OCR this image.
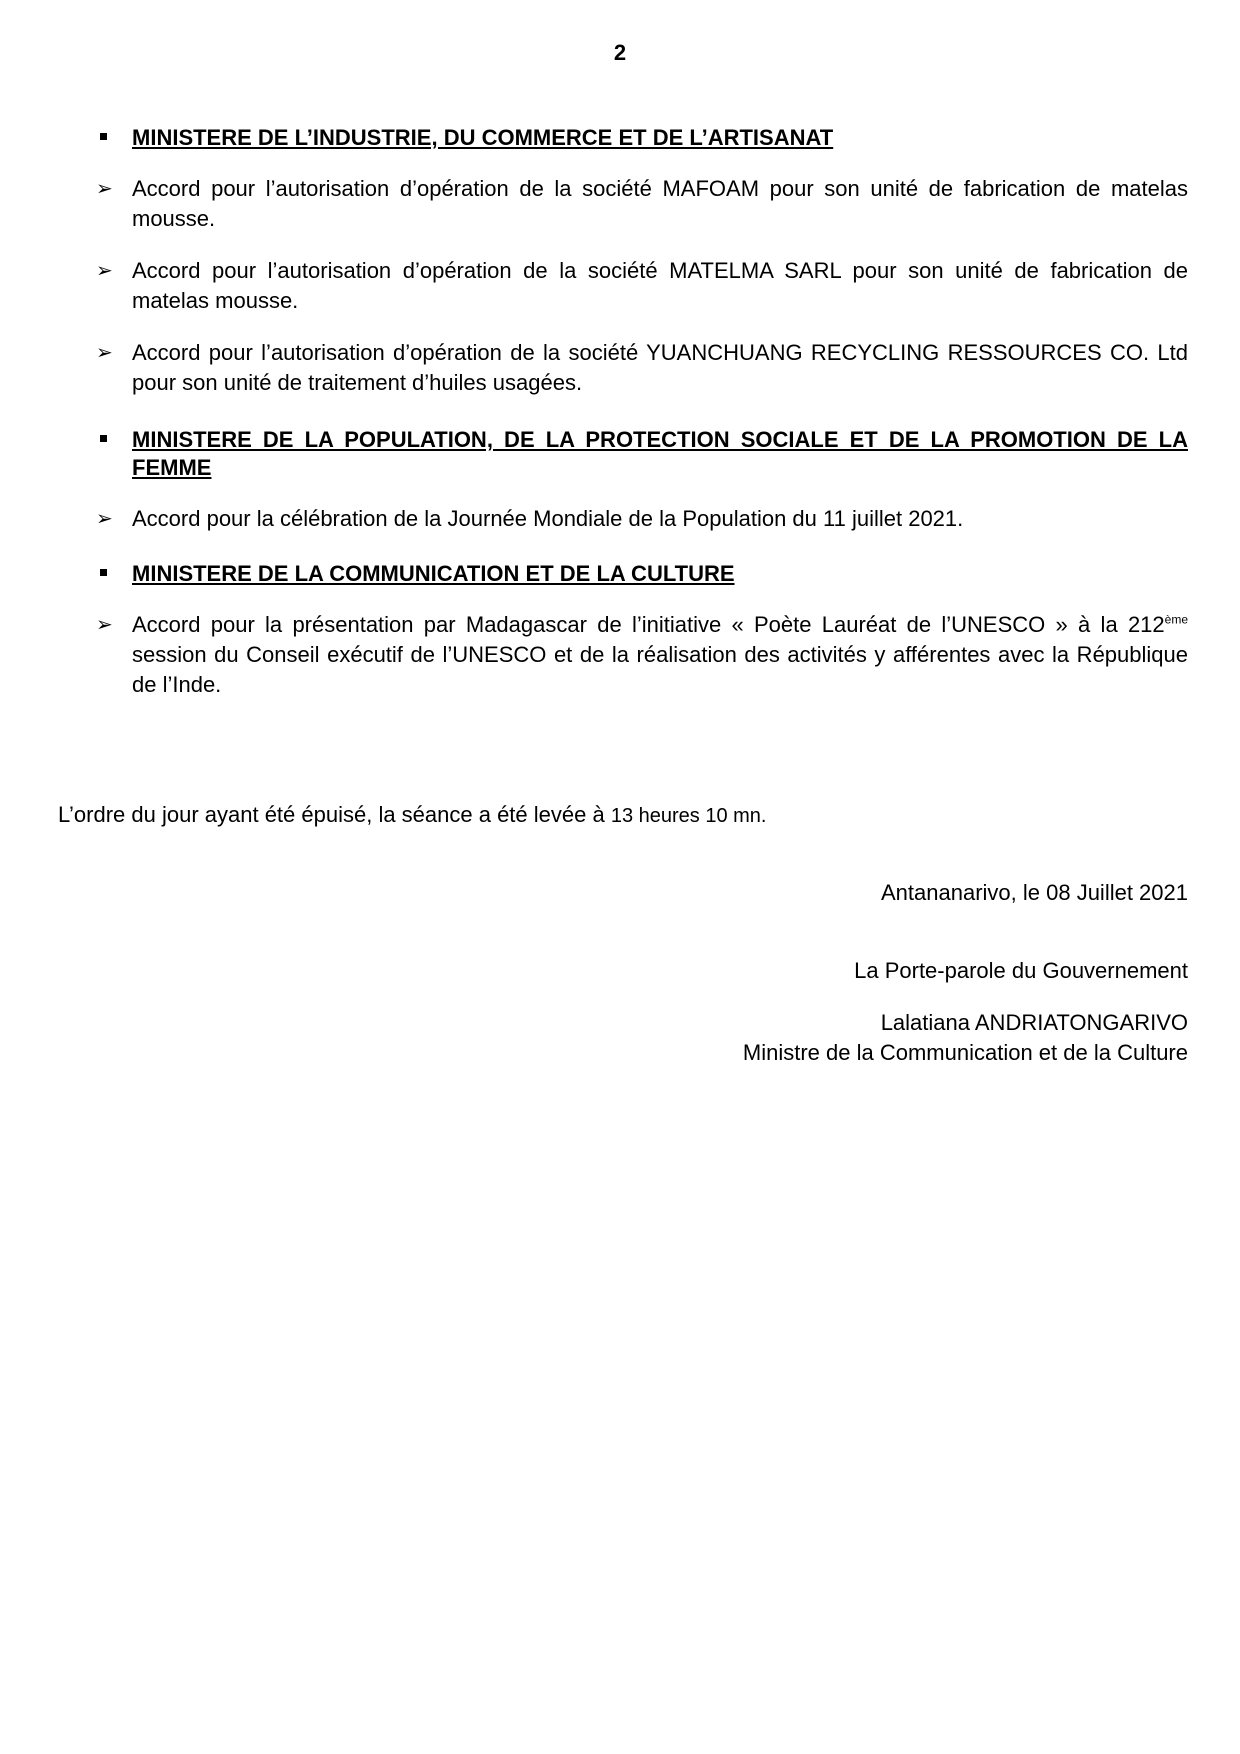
2
MINISTERE DE L’INDUSTRIE, DU COMMERCE ET DE L’ARTISANAT
➢ Accord pour l’autorisation d’opération de la société MAFOAM pour son unité de fabrication de matelas mousse.
➢ Accord pour l’autorisation d’opération de la société MATELMA SARL pour son unité de fabrication de matelas mousse.
➢ Accord pour l’autorisation d’opération de la société YUANCHUANG RECYCLING RESSOURCES CO. Ltd pour son unité de traitement d’huiles usagées.
MINISTERE DE LA POPULATION, DE LA PROTECTION SOCIALE ET DE LA PROMOTION DE LA FEMME
➢ Accord pour la célébration de la Journée Mondiale de la Population du 11 juillet 2021.
MINISTERE DE LA COMMUNICATION ET DE LA CULTURE
➢ Accord pour la présentation par Madagascar de l’initiative « Poète Lauréat de l’UNESCO » à la 212ème session du Conseil exécutif de l’UNESCO et de la réalisation des activités y afférentes avec la République de l’Inde.
L’ordre du jour ayant été épuisé, la séance a été levée à 13 heures 10 mn.
Antananarivo, le 08 Juillet 2021
La Porte-parole du Gouvernement
Lalatiana ANDRIATONGARIVO
Ministre de la Communication et de la Culture
